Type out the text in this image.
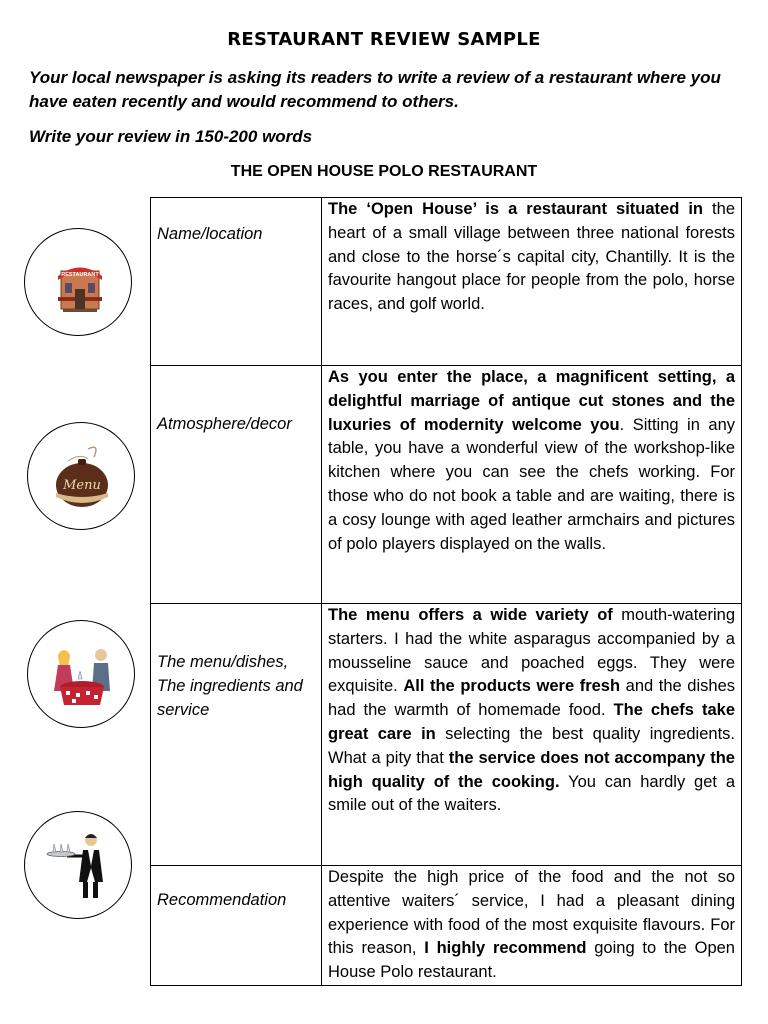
RESTAURANT REVIEW SAMPLE

Your local newspaper is asking its readers to write a review of a restaurant where you have eaten recently and would recommend to others.

Write your review in 150-200 words

THE OPEN HOUSE POLO RESTAURANT
RESTAURANT
Menu
Name/location	The ‘Open House’ is a restaurant situated in the heart of a small village between three national forests and close to the horse´s capital city, Chantilly. It is the favourite hangout place for people from the polo, horse races, and golf world.

Atmosphere/decor	As you enter the place, a magnificent setting, a delightful marriage of antique cut stones and the luxuries of modernity welcome you. Sitting in any table, you have a wonderful view of the workshop-like kitchen where you can see the chefs working. For those who do not book a table and are waiting, there is a cosy lounge with aged leather armchairs and pictures of polo players displayed on the walls.

The menu/dishes, The ingredients and service	The menu offers a wide variety of mouth-watering starters. I had the white asparagus accompanied by a mousseline sauce and poached eggs. They were exquisite. All the products were fresh and the dishes had the warmth of homemade food. The chefs take great care in selecting the best quality ingredients. What a pity that the service does not accompany the high quality of the cooking. You can hardly get a smile out of the waiters.

Recommendation	Despite the high price of the food and the not so attentive waiters´ service, I had a pleasant dining experience with food of the most exquisite flavours. For this reason, I highly recommend going to the Open House Polo restaurant.
